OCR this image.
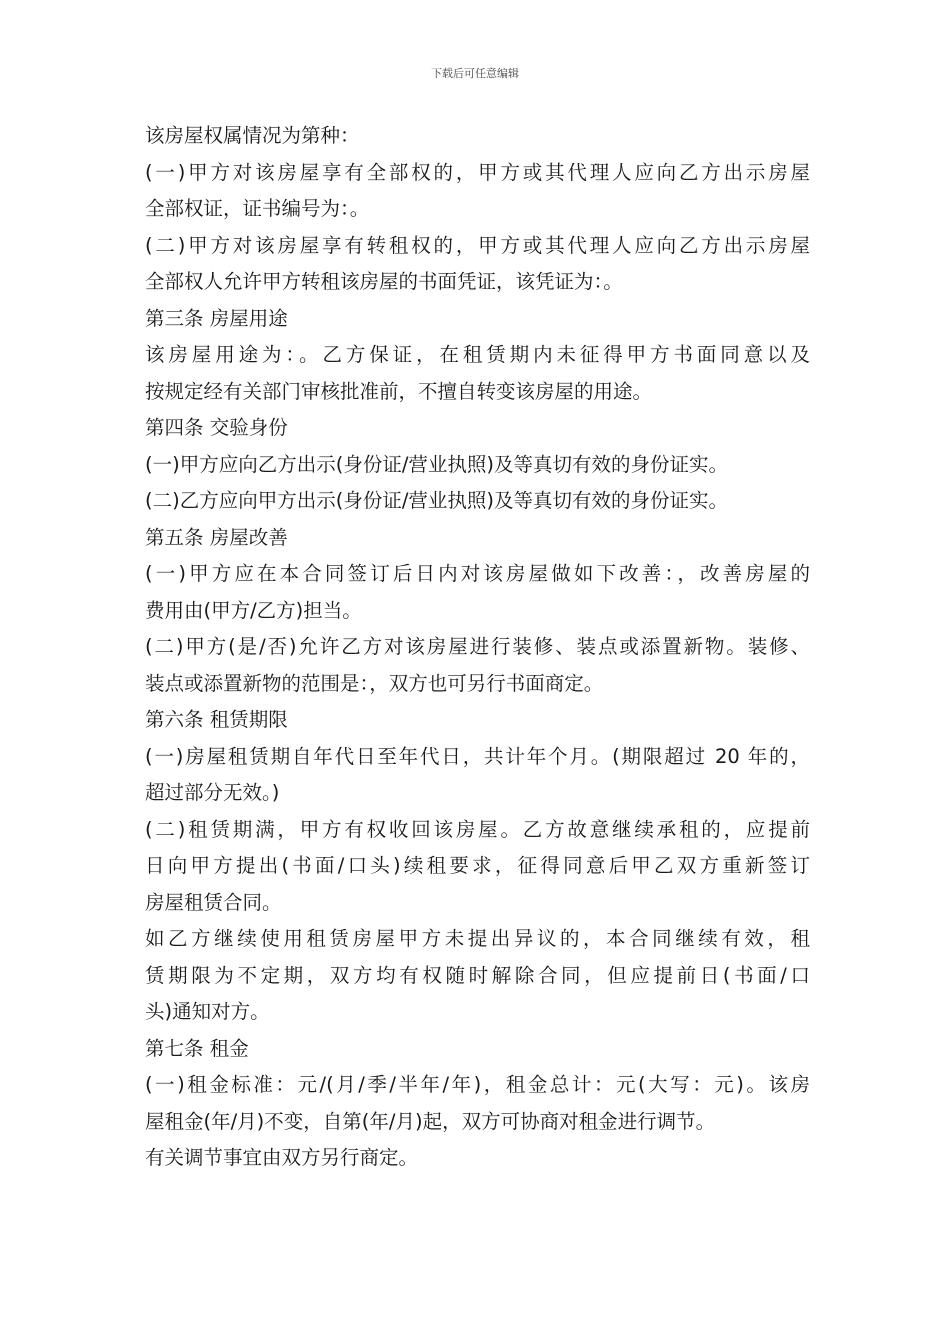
下载后可任意编辑
该房屋权属情况为第种：
(一)甲方对该房屋享有全部权的，甲方或其代理人应向乙方出示房屋
全部权证，证书编号为：。
(二)甲方对该房屋享有转租权的，甲方或其代理人应向乙方出示房屋
全部权人允许甲方转租该房屋的书面凭证，该凭证为：。
第三条 房屋用途
该房屋用途为：。乙方保证，在租赁期内未征得甲方书面同意以及
按规定经有关部门审核批准前，不擅自转变该房屋的用途。
第四条 交验身份
(一)甲方应向乙方出示(身份证/营业执照)及等真切有效的身份证实。
(二)乙方应向甲方出示(身份证/营业执照)及等真切有效的身份证实。
第五条 房屋改善
(一)甲方应在本合同签订后日内对该房屋做如下改善：，改善房屋的
费用由(甲方/乙方)担当。
(二)甲方(是/否)允许乙方对该房屋进行装修、装点或添置新物。装修、
装点或添置新物的范围是：，双方也可另行书面商定。
第六条 租赁期限
(一)房屋租赁期自年代日至年代日，共计年个月。(期限超过 20 年的，
超过部分无效。)
(二)租赁期满，甲方有权收回该房屋。乙方故意继续承租的，应提前
日向甲方提出(书面/口头)续租要求，征得同意后甲乙双方重新签订
房屋租赁合同。
如乙方继续使用租赁房屋甲方未提出异议的，本合同继续有效，租
赁期限为不定期，双方均有权随时解除合同，但应提前日(书面/口
头)通知对方。
第七条 租金
(一)租金标准：元/(月/季/半年/年)，租金总计：元(大写：元)。该房
屋租金(年/月)不变，自第(年/月)起，双方可协商对租金进行调节。
有关调节事宜由双方另行商定。
